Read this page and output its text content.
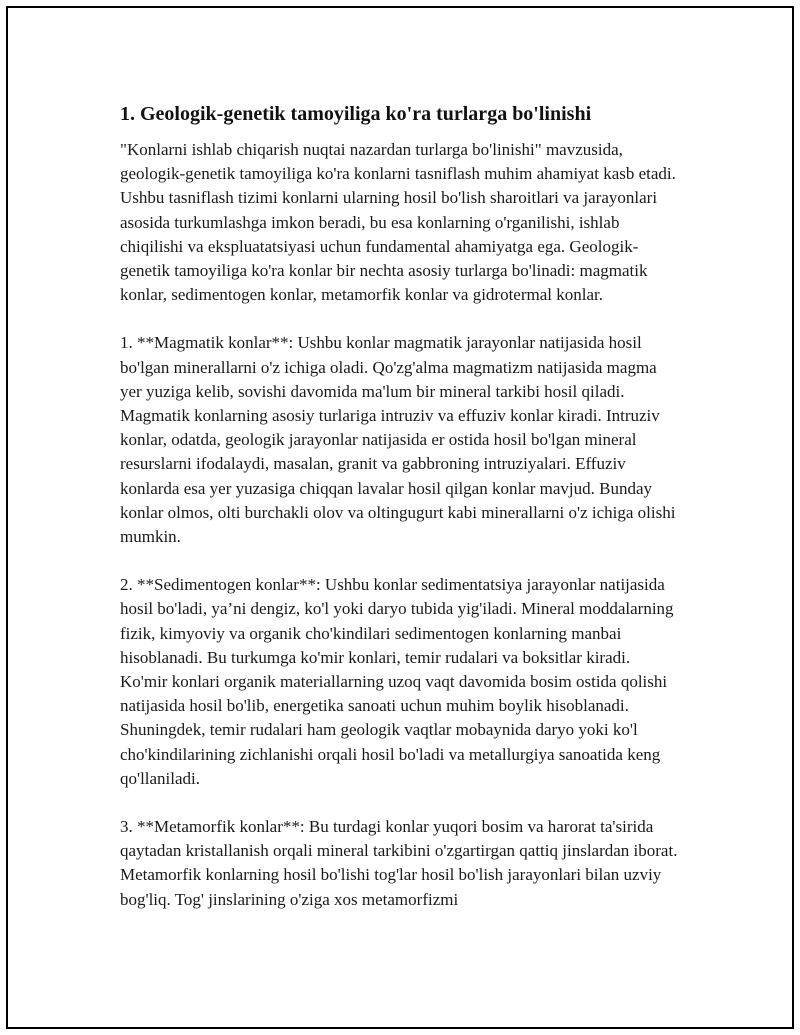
1. Geologik-genetik tamoyiliga ko'ra turlarga bo'linishi

"Konlarni ishlab chiqarish nuqtai nazardan turlarga bo'linishi" mavzusida, geologik-genetik tamoyiliga ko'ra konlarni tasniflash muhim ahamiyat kasb etadi. Ushbu tasniflash tizimi konlarni ularning hosil bo'lish sharoitlari va jarayonlari asosida turkumlashga imkon beradi, bu esa konlarning o'rganilishi, ishlab chiqilishi va ekspluatatsiyasi uchun fundamental ahamiyatga ega. Geologik-genetik tamoyiliga ko'ra konlar bir nechta asosiy turlarga bo'linadi: magmatik konlar, sedimentogen konlar, metamorfik konlar va gidrotermal konlar.

1. **Magmatik konlar**: Ushbu konlar magmatik jarayonlar natijasida hosil bo'lgan minerallarni o'z ichiga oladi. Qo'zg'alma magmatizm natijasida magma yer yuziga kelib, sovishi davomida ma'lum bir mineral tarkibi hosil qiladi. Magmatik konlarning asosiy turlariga intruziv va effuziv konlar kiradi. Intruziv konlar, odatda, geologik jarayonlar natijasida er ostida hosil bo'lgan mineral resurslarni ifodalaydi, masalan, granit va gabbroning intruziyalari. Effuziv konlarda esa yer yuzasiga chiqqan lavalar hosil qilgan konlar mavjud. Bunday konlar olmos, olti burchakli olov va oltingugurt kabi minerallarni o'z ichiga olishi mumkin.

2. **Sedimentogen konlar**: Ushbu konlar sedimentatsiya jarayonlar natijasida hosil bo'ladi, ya’ni dengiz, ko'l yoki daryo tubida yig'iladi. Mineral moddalarning fizik, kimyoviy va organik cho'kindilari sedimentogen konlarning manbai hisoblanadi. Bu turkumga ko'mir konlari, temir rudalari va boksitlar kiradi. Ko'mir konlari organik materiallarning uzoq vaqt davomida bosim ostida qolishi natijasida hosil bo'lib, energetika sanoati uchun muhim boylik hisoblanadi. Shuningdek, temir rudalari ham geologik vaqtlar mobaynida daryo yoki ko'l cho'kindilarining zichlanishi orqali hosil bo'ladi va metallurgiya sanoatida keng qo'llaniladi.

3. **Metamorfik konlar**: Bu turdagi konlar yuqori bosim va harorat ta'sirida qaytadan kristallanish orqali mineral tarkibini o'zgartirgan qattiq jinslardan iborat. Metamorfik konlarning hosil bo'lishi tog'lar hosil bo'lish jarayonlari bilan uzviy bog'liq. Tog' jinslarining o'ziga xos metamorfizmi
